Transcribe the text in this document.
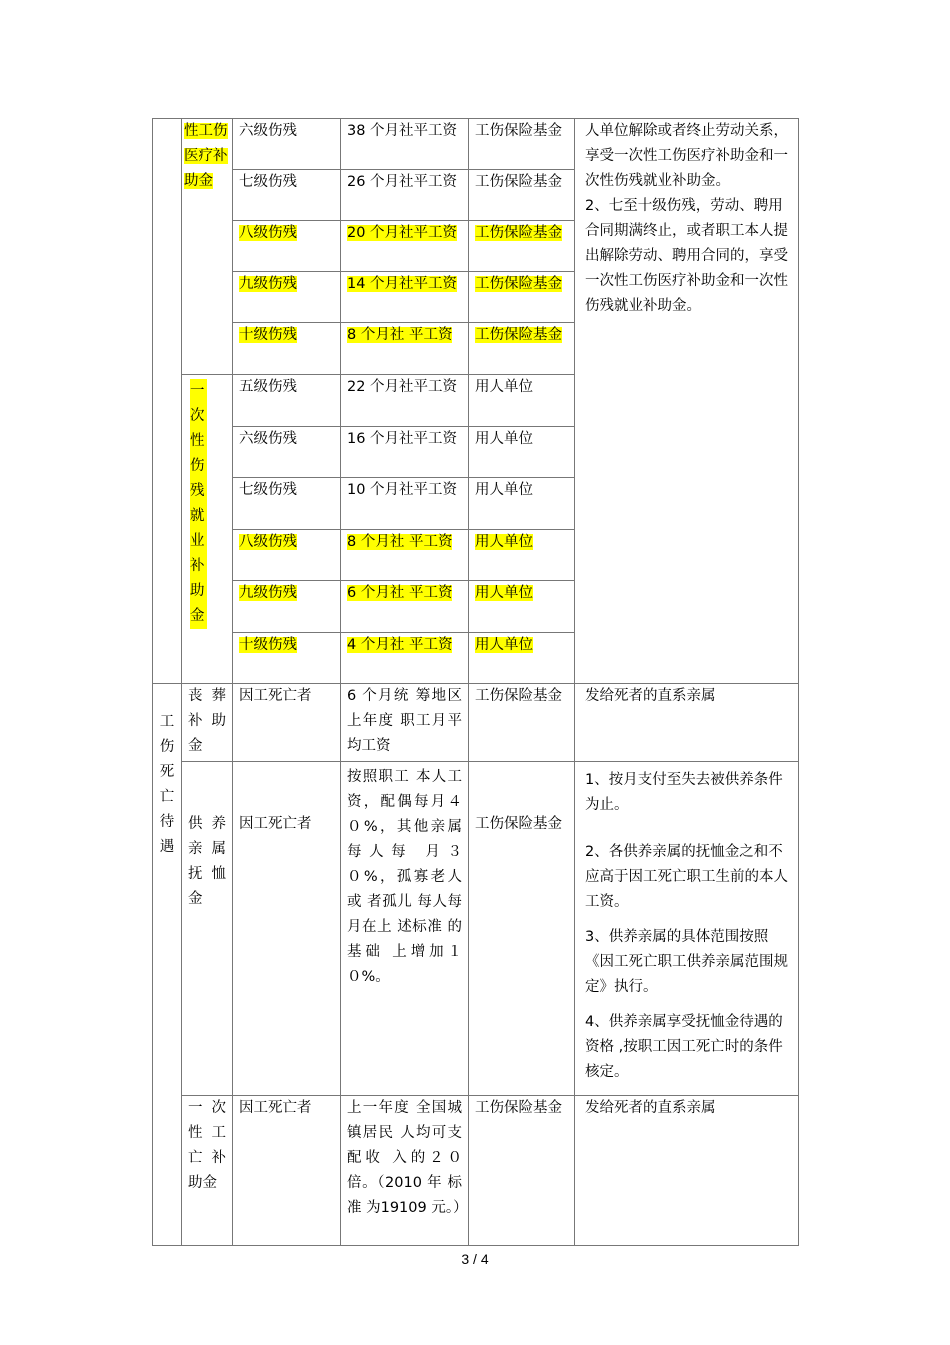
	性工伤医疗补助金	六级伤残	38 个月社平工资	工伤保险基金	人单位解除或者终止劳动关系，享受一次性工伤医疗补助金和一次性伤残就业补助金。
2、七至十级伤残，劳动、聘用合同期满终止，或者职工本人提出解除劳动、聘用合同的，享受一次性工伤医疗补助金和一次性伤残就业补助金。

		七级伤残	26 个月社平工资	工伤保险基金	
		八级伤残	20 个月社平工资	工伤保险基金	
		九级伤残	14 个月社平工资	工伤保险基金	
		十级伤残	8 个月社 平工资	工伤保险基金	
	一次性伤残就业补助金	五级伤残	22 个月社平工资	用人单位	
		六级伤残	16 个月社平工资	用人单位	
		七级伤残	10 个月社平工资	用人单位	
		八级伤残	8 个月社 平工资	用人单位	
		九级伤残	6 个月社 平工资	用人单位	
		十级伤残	4 个月社 平工资	用人单位	
工伤死亡待遇	丧葬补助金	因工死亡者	6 个月统 筹地区上年度 职工月平均工资	工伤保险基金	发给死者的直系亲属

	供养亲属抚恤金	因工死亡者	按照职工 本人工资，配偶每月４０%，其他亲属 每人每 月３０%，孤寡老人或 者孤儿 每人每 月在上 述标准 的基础 上增加１０%。	工伤保险基金	1、按月支付至失去被供养条件为止。

2、各供养亲属的抚恤金之和不应高于因工死亡职工生前的本人工资。

3、供养亲属的具体范围按照《因工死亡职工供养亲属范围规定》执行。

4、供养亲属享受抚恤金待遇的资格 ,按职工因工死亡时的条件核定。

	一次性工亡补助金	因工死亡者	上一年度 全国城镇居民 人均可支配收 入的２０倍。（2010 年 标 准 为19109 元。）	工伤保险基金	发给死者的直系亲属

3 / 4
